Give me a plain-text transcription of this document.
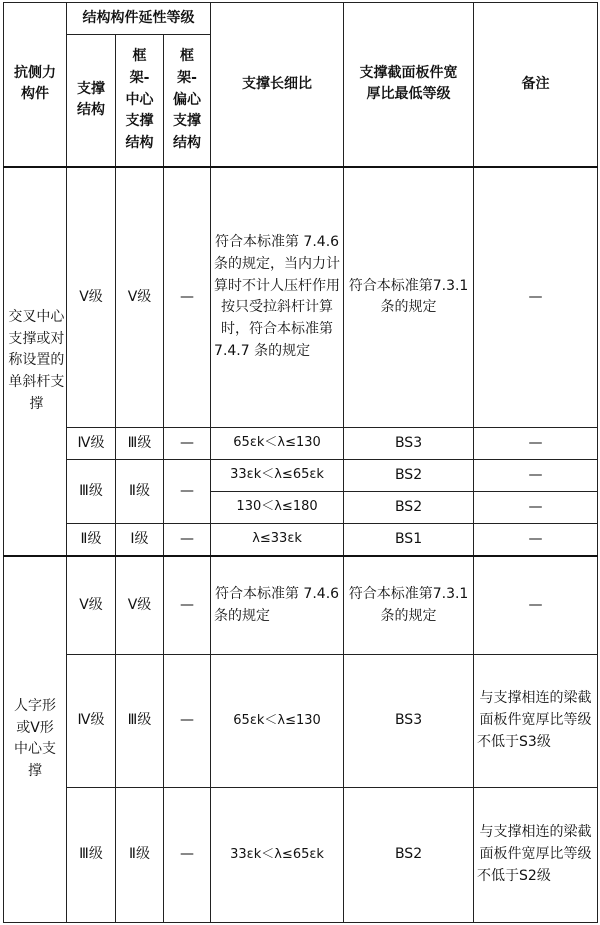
抗侧力构件	结构构件延性等级			支撑长细比	支撑截面板件宽厚比最低等级	备注
	支撑结构	框架-中心支撑结构	框架-偏心支撑结构			
交叉中心支撑或对称设置的单斜杆支撑	Ⅴ级	Ⅴ级	—	符合本标准第 7.4.6 条的规定，当内力计算时不计人压杆作用按只受拉斜杆计算时，符合本标准第 7.4.7 条的规定	符合本标准第7.3.1条的规定	—
	Ⅳ级	Ⅲ级	—	65εk＜λ≤130	BS3	—
	Ⅲ级	Ⅱ级	—	33εk＜λ≤65εk	BS2	—
				130＜λ≤180	BS2	—
	Ⅱ级	Ⅰ级	—	λ≤33εk	BS1	—
人字形或Ⅴ形中心支撑	Ⅴ级	Ⅴ级	—	符合本标准第 7.4.6 条的规定	符合本标准第7.3.1条的规定	—
	Ⅳ级	Ⅲ级	—	65εk＜λ≤130	BS3	与支撑相连的梁截面板件宽厚比等级不低于S3级
	Ⅲ级	Ⅱ级	—	33εk＜λ≤65εk	BS2	与支撑相连的梁截面板件宽厚比等级不低于S2级
